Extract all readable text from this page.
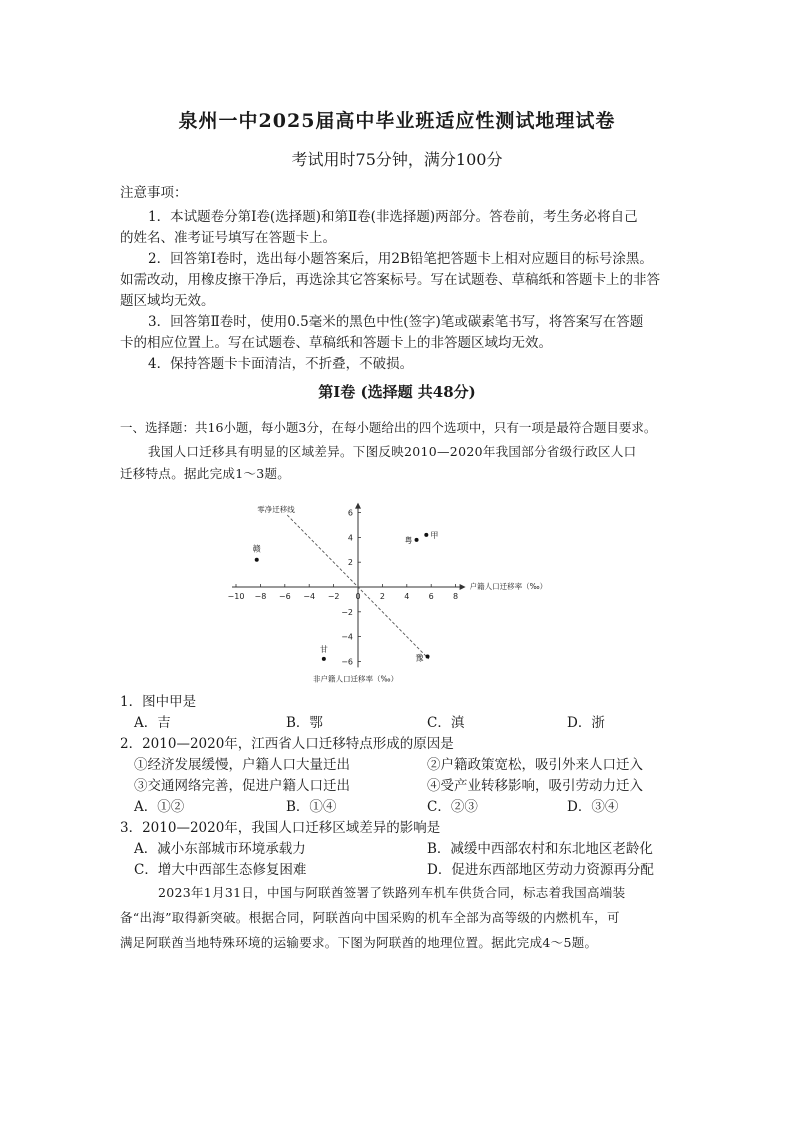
泉州一中2025届高中毕业班适应性测试地理试卷
考试用时75分钟，满分100分
注意事项：
1．本试题卷分第Ⅰ卷(选择题)和第Ⅱ卷(非选择题)两部分。答卷前，考生务必将自己
的姓名、准考证号填写在答题卡上。
2．回答第Ⅰ卷时，选出每小题答案后，用2B铅笔把答题卡上相对应题目的标号涂黑。
如需改动，用橡皮擦干净后，再选涂其它答案标号。写在试题卷、草稿纸和答题卡上的非答
题区域均无效。
3．回答第Ⅱ卷时，使用0.5毫米的黑色中性(签字)笔或碳素笔书写，将答案写在答题
卡的相应位置上。写在试题卷、草稿纸和答题卡上的非答题区域均无效。
4．保持答题卡卡面清洁，不折叠，不破损。
第Ⅰ卷 (选择题 共48分)
一、选择题：共16小题，每小题3分，在每小题给出的四个选项中，只有一项是最符合题目要求。
我国人口迁移具有明显的区域差异。下图反映2010—2020年我国部分省级行政区人口
迁移特点。据此完成1～3题。
−10 −8 −6 −4 −2 0 2 4 6 8
6
4
2
−2
−4
−6
零净迁移线
户籍人口迁移率（‰）
非户籍人口迁移率（‰）
赣
甲
粤
甘
豫
1．图中甲是
A．吉	B．鄂	C．滇	D．浙
2．2010—2020年，江西省人口迁移特点形成的原因是
①经济发展缓慢，户籍人口大量迁出	②户籍政策宽松，吸引外来人口迁入
③交通网络完善，促进户籍人口迁出	④受产业转移影响，吸引劳动力迁入
A．①②	B．①④	C．②③	D．③④
3．2010—2020年，我国人口迁移区域差异的影响是
A．减小东部城市环境承载力	B．减缓中西部农村和东北地区老龄化
C．增大中西部生态修复困难	D．促进东西部地区劳动力资源再分配
2023年1月31日，中国与阿联酋签署了铁路列车机车供货合同，标志着我国高端装
备“出海”取得新突破。根据合同，阿联酋向中国采购的机车全部为高等级的内燃机车，可
满足阿联酋当地特殊环境的运输要求。下图为阿联酋的地理位置。据此完成4～5题。
